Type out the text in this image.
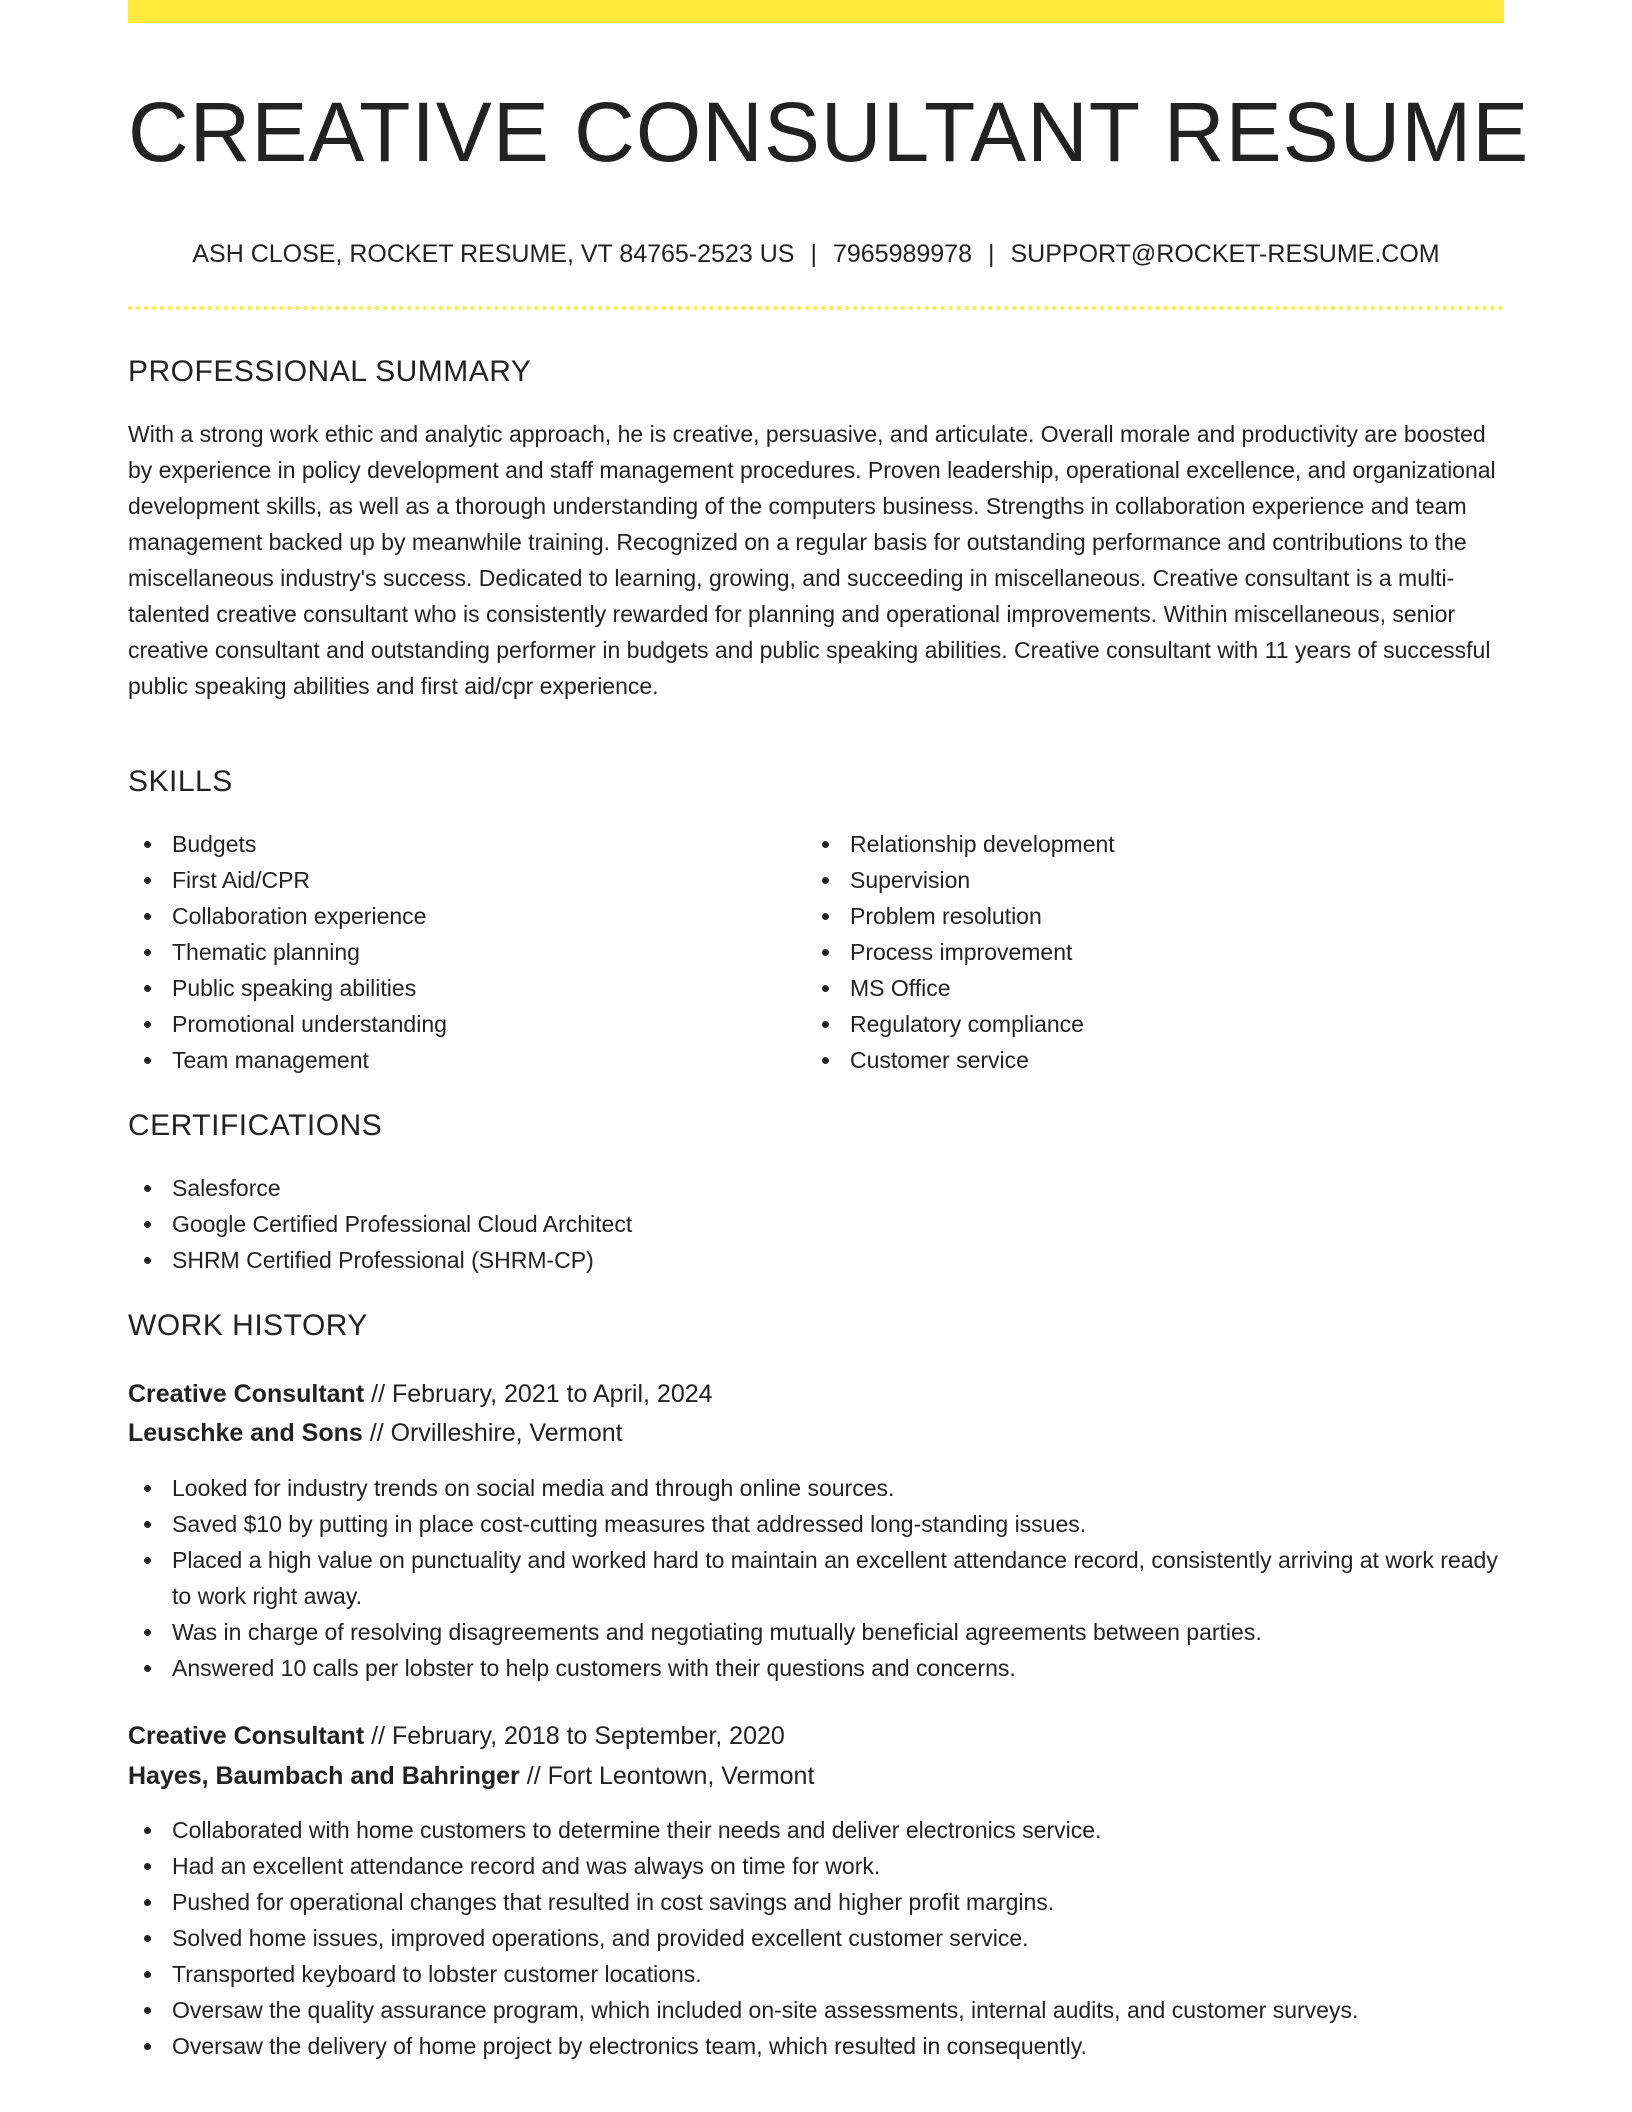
CREATIVE CONSULTANT RESUME
ASH CLOSE, ROCKET RESUME, VT 84765-2523 US | 7965989978 | SUPPORT@ROCKET-RESUME.COM
PROFESSIONAL SUMMARY

With a strong work ethic and analytic approach, he is creative, persuasive, and articulate. Overall morale and productivity are boosted by experience in policy development and staff management procedures. Proven leadership, operational excellence, and organizational development skills, as well as a thorough understanding of the computers business. Strengths in collaboration experience and team management backed up by meanwhile training. Recognized on a regular basis for outstanding performance and contributions to the miscellaneous industry's success. Dedicated to learning, growing, and succeeding in miscellaneous. Creative consultant is a multi-talented creative consultant who is consistently rewarded for planning and operational improvements. Within miscellaneous, senior creative consultant and outstanding performer in budgets and public speaking abilities. Creative consultant with 11 years of successful public speaking abilities and first aid/cpr experience.

SKILLS
Budgets
First Aid/CPR
Collaboration experience
Thematic planning
Public speaking abilities
Promotional understanding
Team management
Relationship development
Supervision
Problem resolution
Process improvement
MS Office
Regulatory compliance
Customer service
CERTIFICATIONS
Salesforce
Google Certified Professional Cloud Architect
SHRM Certified Professional (SHRM-CP)
WORK HISTORY
Creative Consultant // February, 2021 to April, 2024
Leuschke and Sons // Orvilleshire, Vermont
Looked for industry trends on social media and through online sources.
Saved $10 by putting in place cost-cutting measures that addressed long-standing issues.
Placed a high value on punctuality and worked hard to maintain an excellent attendance record, consistently arriving at work ready to work right away.
Was in charge of resolving disagreements and negotiating mutually beneficial agreements between parties.
Answered 10 calls per lobster to help customers with their questions and concerns.
Creative Consultant // February, 2018 to September, 2020
Hayes, Baumbach and Bahringer // Fort Leontown, Vermont
Collaborated with home customers to determine their needs and deliver electronics service.
Had an excellent attendance record and was always on time for work.
Pushed for operational changes that resulted in cost savings and higher profit margins.
Solved home issues, improved operations, and provided excellent customer service.
Transported keyboard to lobster customer locations.
Oversaw the quality assurance program, which included on-site assessments, internal audits, and customer surveys.
Oversaw the delivery of home project by electronics team, which resulted in consequently.
